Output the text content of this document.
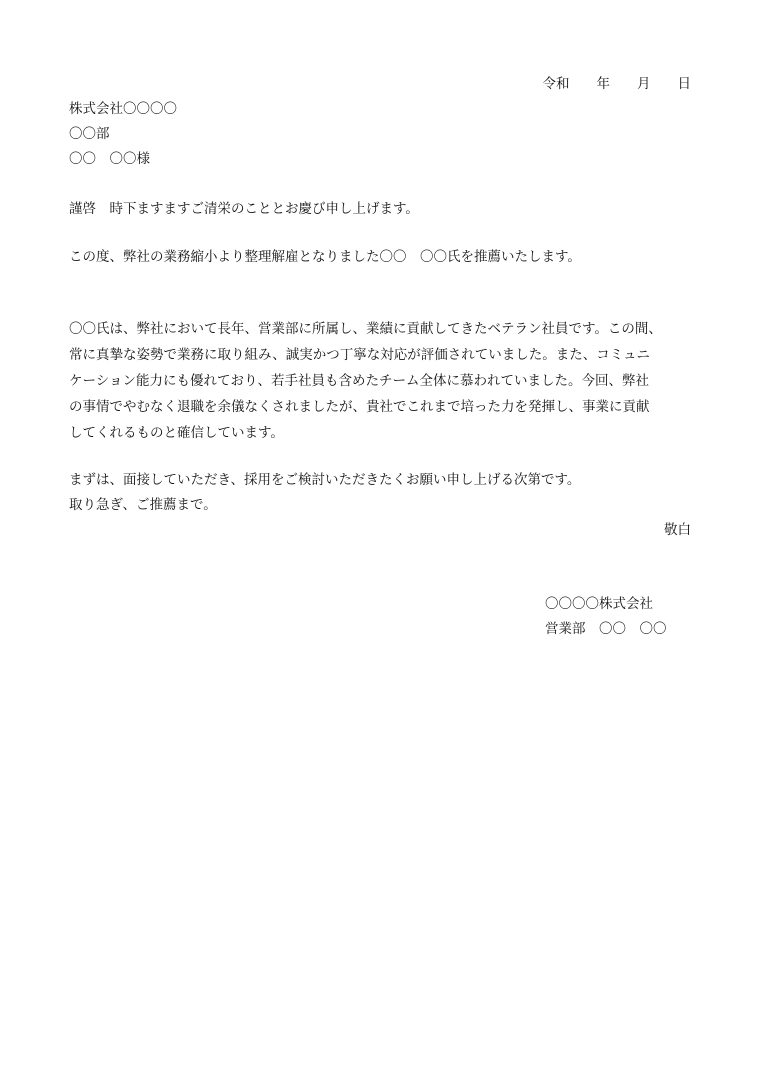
令和　　年　　月　　日
株式会社〇〇〇〇
〇〇部
〇〇　〇〇様
謹啓　時下ますますご清栄のこととお慶び申し上げます。
この度、弊社の業務縮小より整理解雇となりました〇〇　〇〇氏を推薦いたします。
〇〇氏は、弊社において長年、営業部に所属し、業績に貢献してきたベテラン社員です。この間、
常に真摯な姿勢で業務に取り組み、誠実かつ丁寧な対応が評価されていました。また、コミュニ
ケーション能力にも優れており、若手社員も含めたチーム全体に慕われていました。今回、弊社
の事情でやむなく退職を余儀なくされましたが、貴社でこれまで培った力を発揮し、事業に貢献
してくれるものと確信しています。
まずは、面接していただき、採用をご検討いただきたくお願い申し上げる次第です。
取り急ぎ、ご推薦まで。
敬白
〇〇〇〇株式会社
営業部　〇〇　〇〇
